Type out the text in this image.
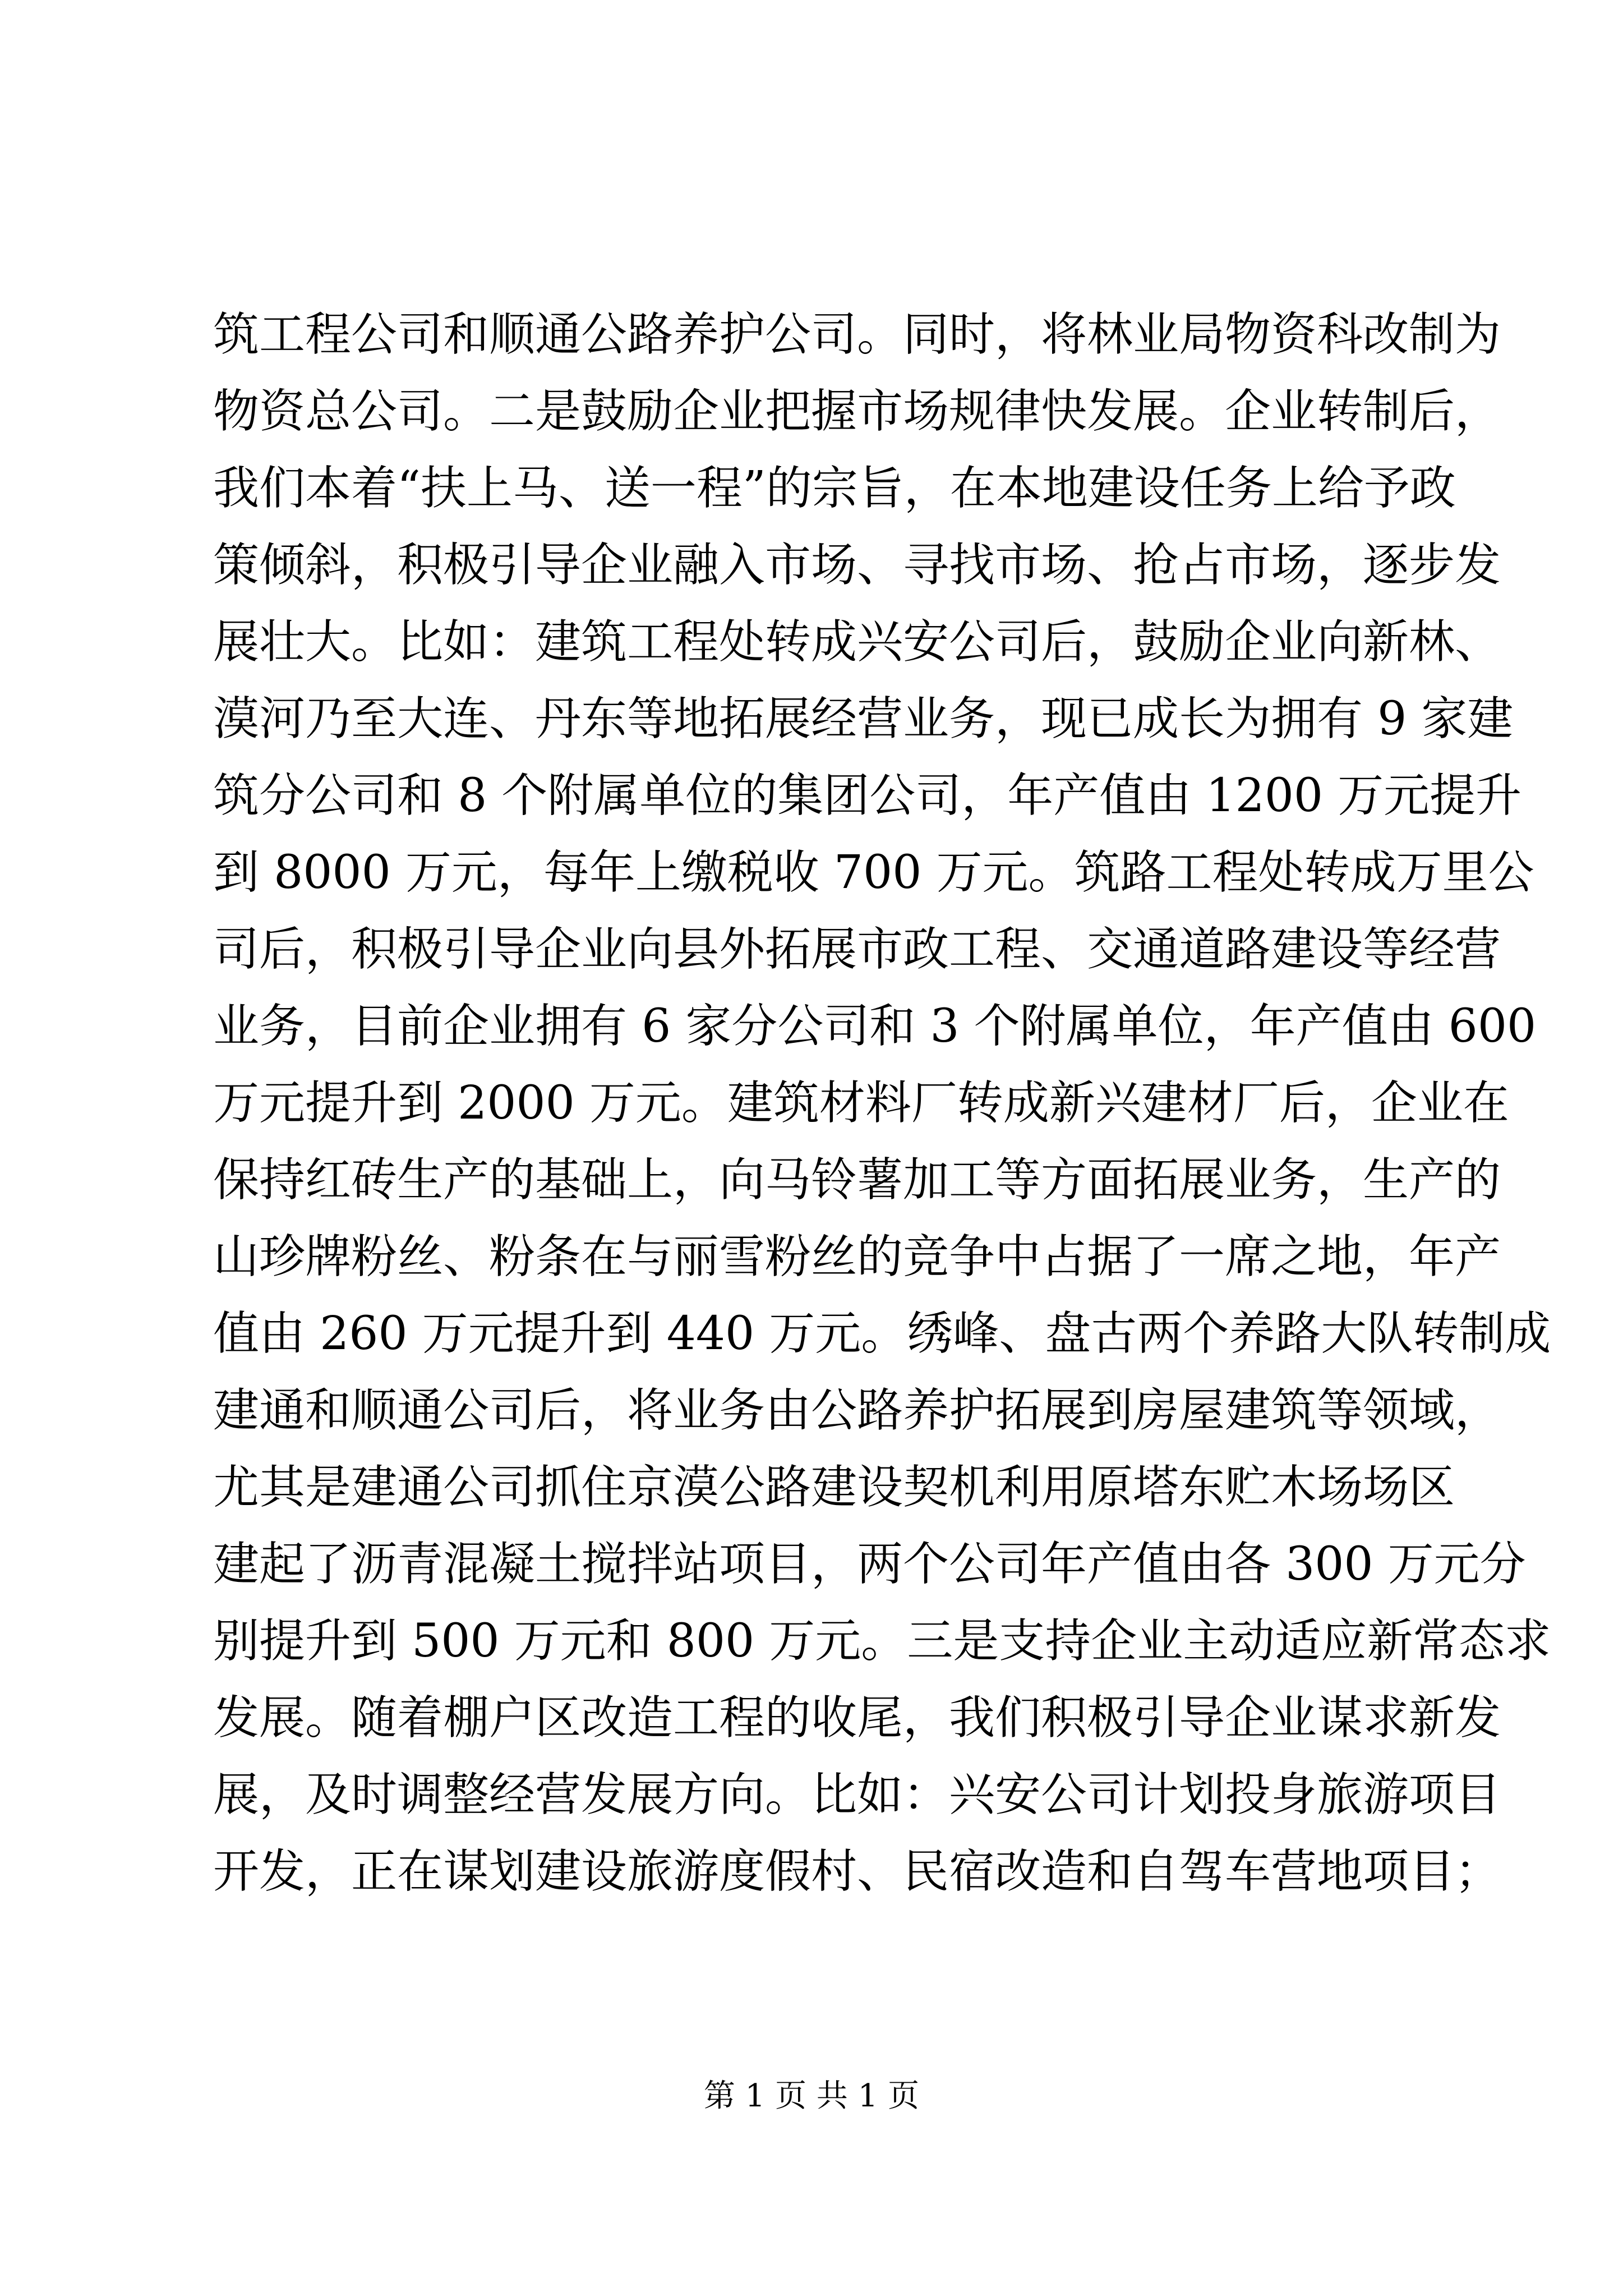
筑工程公司和顺通公路养护公司。同时，将林业局物资科改制为
物资总公司。二是鼓励企业把握市场规律快发展。企业转制后，
我们本着“扶上马、送一程”的宗旨，在本地建设任务上给予政
策倾斜，积极引导企业融入市场、寻找市场、抢占市场，逐步发
展壮大。比如：建筑工程处转成兴安公司后，鼓励企业向新林、
漠河乃至大连、丹东等地拓展经营业务，现已成长为拥有 9 家建
筑分公司和 8 个附属单位的集团公司，年产值由 1200 万元提升
到 8000 万元，每年上缴税收 700 万元。筑路工程处转成万里公
司后，积极引导企业向县外拓展市政工程、交通道路建设等经营
业务，目前企业拥有 6 家分公司和 3 个附属单位，年产值由 600
万元提升到 2000 万元。建筑材料厂转成新兴建材厂后，企业在
保持红砖生产的基础上，向马铃薯加工等方面拓展业务，生产的
山珍牌粉丝、粉条在与丽雪粉丝的竞争中占据了一席之地，年产
值由 260 万元提升到 440 万元。绣峰、盘古两个养路大队转制成
建通和顺通公司后，将业务由公路养护拓展到房屋建筑等领域，
尤其是建通公司抓住京漠公路建设契机利用原塔东贮木场场区
建起了沥青混凝土搅拌站项目，两个公司年产值由各 300 万元分
别提升到 500 万元和 800 万元。三是支持企业主动适应新常态求
发展。随着棚户区改造工程的收尾，我们积极引导企业谋求新发
展，及时调整经营发展方向。比如：兴安公司计划投身旅游项目
开发，正在谋划建设旅游度假村、民宿改造和自驾车营地项目；
第 1 页 共 1 页
